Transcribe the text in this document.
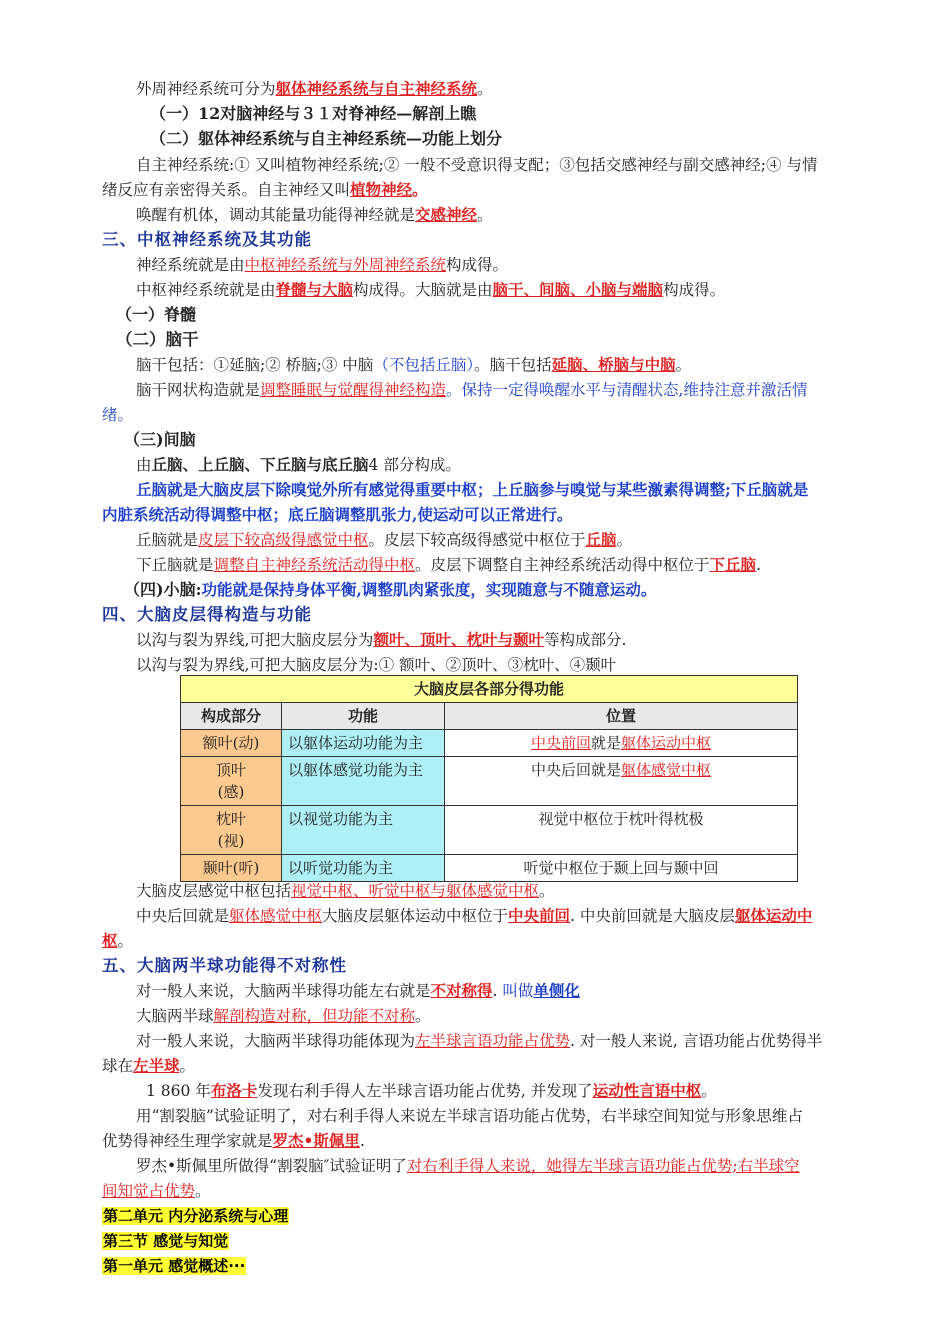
外周神经系统可分为躯体神经系统与自主神经系统。
（一）12对脑神经与３１对脊神经—解剖上瞧
（二）躯体神经系统与自主神经系统—功能上划分
自主神经系统:① 又叫植物神经系统;② 一般不受意识得支配；③包括交感神经与副交感神经;④ 与情
绪反应有亲密得关系。自主神经又叫植物神经。
唤醒有机体，调动其能量功能得神经就是交感神经。
三、中枢神经系统及其功能
神经系统就是由中枢神经系统与外周神经系统构成得。
中枢神经系统就是由脊髓与大脑构成得。大脑就是由脑干、间脑、小脑与端脑构成得。
（一）脊髓
（二）脑干
脑干包括：①延脑;② 桥脑;③ 中脑（不包括丘脑）。脑干包括延脑、桥脑与中脑。
脑干网状构造就是调整睡眠与觉醒得神经构造。保持一定得唤醒水平与清醒状态,维持注意并激活情
绪。
（三)间脑
由丘脑、上丘脑、下丘脑与底丘脑4 部分构成。
丘脑就是大脑皮层下除嗅觉外所有感觉得重要中枢；上丘脑参与嗅觉与某些激素得调整;下丘脑就是
内脏系统活动得调整中枢；底丘脑调整肌张力,使运动可以正常进行。
丘脑就是皮层下较高级得感觉中枢。皮层下较高级得感觉中枢位于丘脑。
下丘脑就是调整自主神经系统活动得中枢。皮层下调整自主神经系统活动得中枢位于下丘脑.
（四)小脑:功能就是保持身体平衡,调整肌肉紧张度，实现随意与不随意运动。
四、大脑皮层得构造与功能
以沟与裂为界线,可把大脑皮层分为额叶、顶叶、枕叶与颞叶等构成部分.
以沟与裂为界线,可把大脑皮层分为:① 额叶、②顶叶、③枕叶、④颞叶
大脑皮层各部分得功能		
构成部分	功能	位置
额叶(动)	以躯体运动功能为主	中央前回就是躯体运动中枢
顶叶
(感)	以躯体感觉功能为主	中央后回就是躯体感觉中枢
枕叶
(视)	以视觉功能为主	视觉中枢位于枕叶得枕极
颞叶(听)	以听觉功能为主	听觉中枢位于颞上回与颞中回
大脑皮层感觉中枢包括视觉中枢、听觉中枢与躯体感觉中枢。
中央后回就是躯体感觉中枢大脑皮层躯体运动中枢位于中央前回. 中央前回就是大脑皮层躯体运动中
枢。
五、大脑两半球功能得不对称性
对一般人来说，大脑两半球得功能左右就是不对称得. 叫做单侧化
大脑两半球解剖构造对称，但功能不对称。
对一般人来说，大脑两半球得功能体现为左半球言语功能占优势. 对一般人来说, 言语功能占优势得半
球在左半球。
1 860 年布洛卡发现右利手得人左半球言语功能占优势, 并发现了运动性言语中枢。
用“割裂脑”试验证明了，对右利手得人来说左半球言语功能占优势，右半球空间知觉与形象思维占
优势得神经生理学家就是罗杰•斯佩里.
罗杰•斯佩里所做得“割裂脑″试验证明了对右利手得人来说，她得左半球言语功能占优势;右半球空
间知觉占优势。
第二单元 内分泌系统与心理
第三节 感觉与知觉
第一单元 感觉概述···
